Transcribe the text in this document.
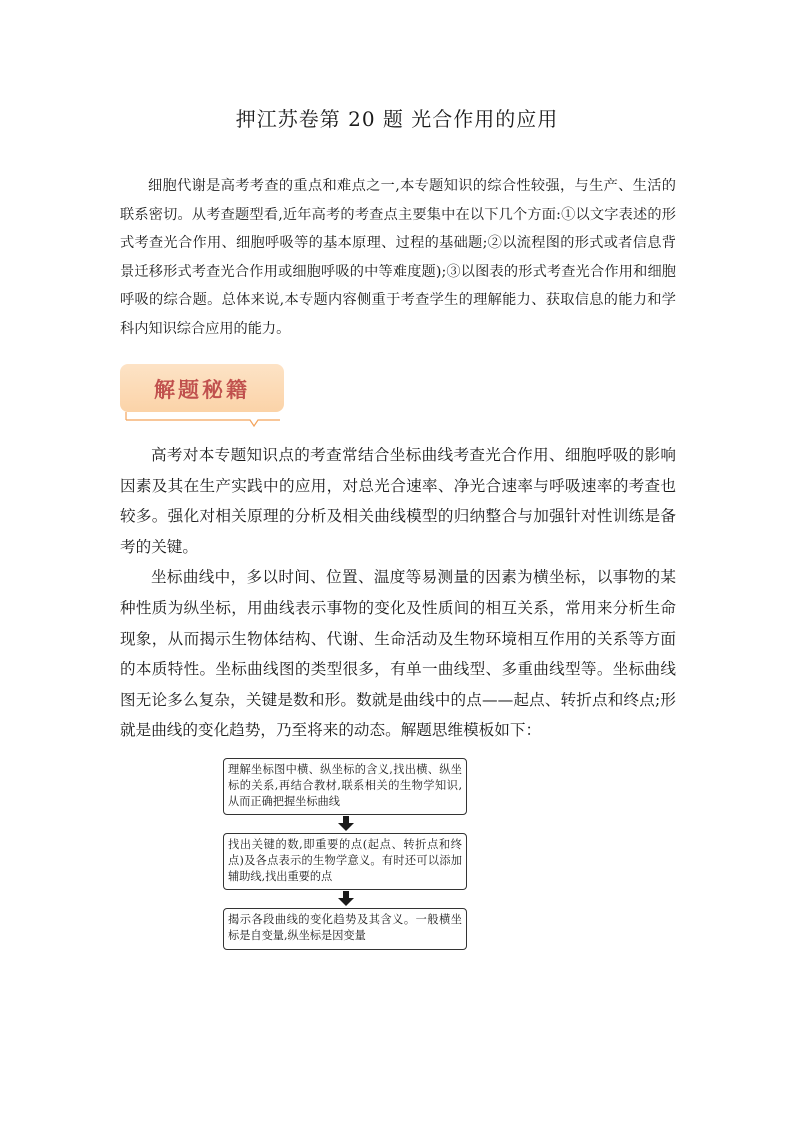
押江苏卷第 20 题 光合作用的应用

细胞代谢是高考考查的重点和难点之一,本专题知识的综合性较强，与生产、生活的联系密切。从考查题型看,近年高考的考查点主要集中在以下几个方面:①以文字表述的形式考查光合作用、细胞呼吸等的基本原理、过程的基础题;②以流程图的形式或者信息背景迁移形式考查光合作用或细胞呼吸的中等难度题);③以图表的形式考查光合作用和细胞呼吸的综合题。总体来说,本专题内容侧重于考查学生的理解能力、获取信息的能力和学科内知识综合应用的能力。

解题秘籍

高考对本专题知识点的考查常结合坐标曲线考查光合作用、细胞呼吸的影响因素及其在生产实践中的应用，对总光合速率、净光合速率与呼吸速率的考查也较多。强化对相关原理的分析及相关曲线模型的归纳整合与加强针对性训练是备考的关键。

坐标曲线中，多以时间、位置、温度等易测量的因素为横坐标，以事物的某种性质为纵坐标，用曲线表示事物的变化及性质间的相互关系，常用来分析生命现象，从而揭示生物体结构、代谢、生命活动及生物环境相互作用的关系等方面的本质特性。坐标曲线图的类型很多，有单一曲线型、多重曲线型等。坐标曲线图无论多么复杂，关键是数和形。数就是曲线中的点——起点、转折点和终点;形就是曲线的变化趋势，乃至将来的动态。解题思维模板如下：

理解坐标图中横、纵坐标的含义,找出横、纵坐标的关系,再结合教材,联系相关的生物学知识,从而正确把握坐标曲线
找出关键的数,即重要的点(起点、转折点和终点)及各点表示的生物学意义。有时还可以添加辅助线,找出重要的点
揭示各段曲线的变化趋势及其含义。一般横坐标是自变量,纵坐标是因变量
